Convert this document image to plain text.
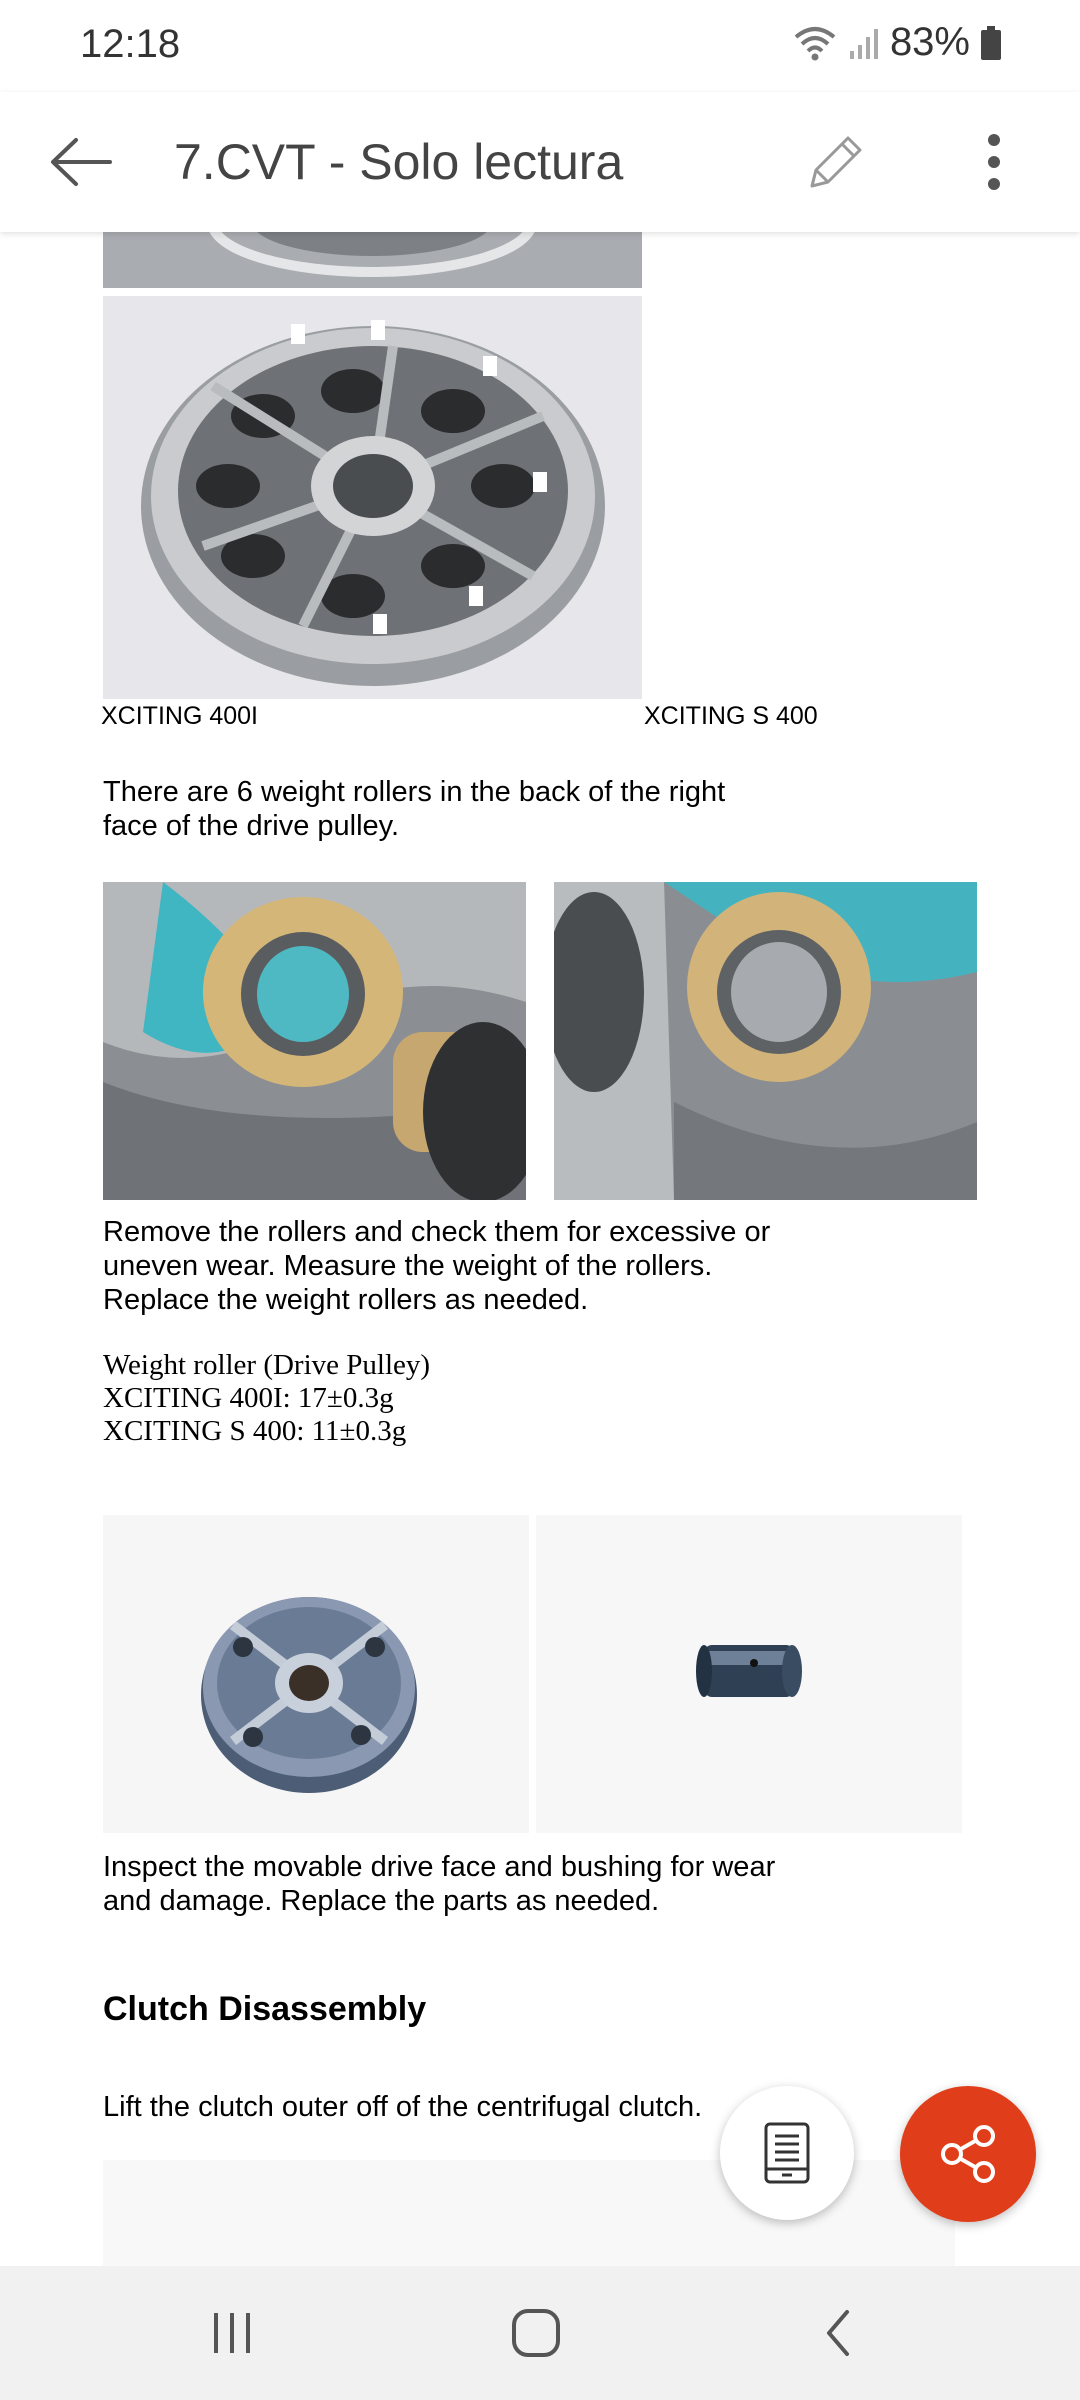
12:18	83%
7.CVT - Solo lectura
XCITING 400I	XCITING S 400
There are 6 weight rollers in the back of the right
face of the drive pulley.
Remove the rollers and check them for excessive or
uneven wear. Measure the weight of the rollers.
Replace the weight rollers as needed.
Weight roller (Drive Pulley)
XCITING 400I: 17±0.3g
XCITING S 400: 11±0.3g
Inspect the movable drive face and bushing for wear
and damage. Replace the parts as needed.
Clutch Disassembly
Lift the clutch outer off of the centrifugal clutch.
